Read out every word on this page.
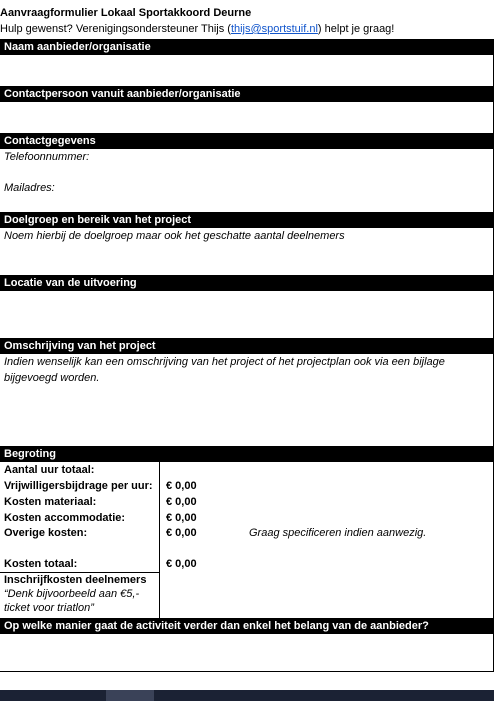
Aanvraagformulier Lokaal Sportakkoord Deurne
Hulp gewenst? Verenigingsondersteuner Thijs (thijs@sportstuif.nl) helpt je graag!
Naam aanbieder/organisatie
Contactpersoon vanuit aanbieder/organisatie
Contactgegevens
Telefoonnummer:
Mailadres:
Doelgroep en bereik van het project
Noem hierbij de doelgroep maar ook het geschatte aantal deelnemers
Locatie van de uitvoering
Omschrijving van het project
Indien wenselijk kan een omschrijving van het project of het projectplan ook via een bijlage bijgevoegd worden.
Begroting
Aantal uur totaal:
Vrijwilligersbijdrage per uur: € 0,00
Kosten materiaal:	€ 0,00
Kosten accommodatie:	€ 0,00
Overige kosten:	€ 0,00	Graag specificeren indien aanwezig.
Kosten totaal:	€ 0,00
Inschrijfkosten deelnemers
“Denk bijvoorbeeld aan €5,-
ticket voor triatlon”
Op welke manier gaat de activiteit verder dan enkel het belang van de aanbieder?
